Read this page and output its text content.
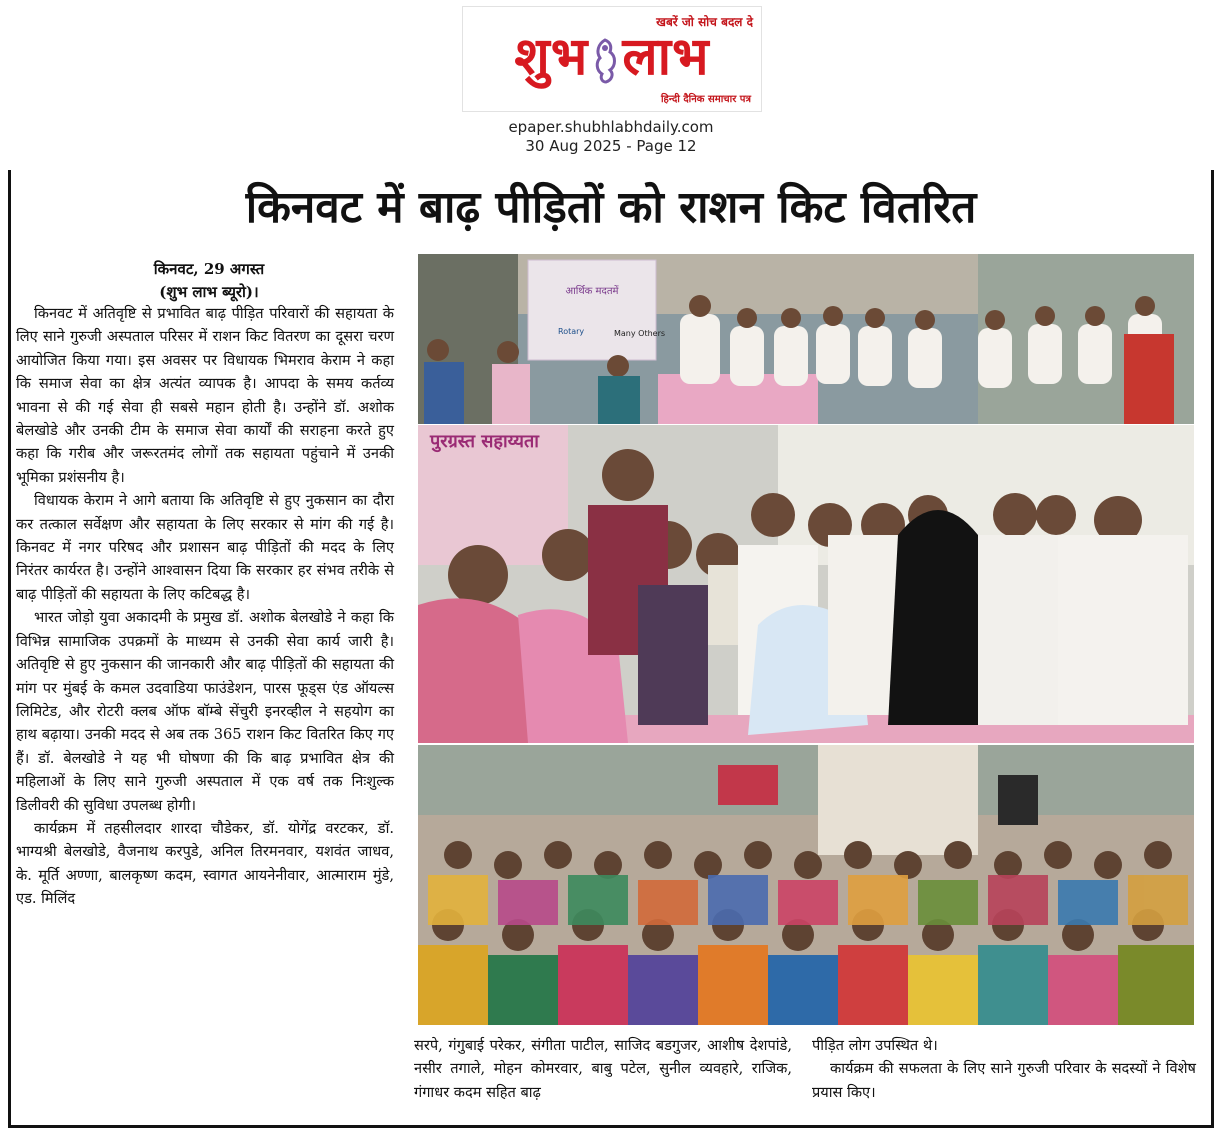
खबरें जो सोच बदल दे
शुभ लाभ
हिन्दी दैनिक समाचार पत्र
epaper.shubhlabhdaily.com
30 Aug 2025 - Page 12
किनवट में बाढ़ पीड़ितों को राशन किट वितरित
किनवट, 29 अगस्त
(शुभ लाभ ब्यूरो)।

किनवट में अतिवृष्टि से प्रभावित बाढ़ पीड़ित परिवारों की सहायता के लिए साने गुरुजी अस्पताल परिसर में राशन किट वितरण का दूसरा चरण आयोजित किया गया। इस अवसर पर विधायक भिमराव केराम ने कहा कि समाज सेवा का क्षेत्र अत्यंत व्यापक है। आपदा के समय कर्तव्य भावना से की गई सेवा ही सबसे महान होती है। उन्होंने डॉ. अशोक बेलखोडे और उनकी टीम के समाज सेवा कार्यों की सराहना करते हुए कहा कि गरीब और जरूरतमंद लोगों तक सहायता पहुंचाने में उनकी भूमिका प्रशंसनीय है।

विधायक केराम ने आगे बताया कि अतिवृष्टि से हुए नुकसान का दौरा कर तत्काल सर्वेक्षण और सहायता के लिए सरकार से मांग की गई है। किनवट में नगर परिषद और प्रशासन बाढ़ पीड़ितों की मदद के लिए निरंतर कार्यरत है। उन्होंने आश्वासन दिया कि सरकार हर संभव तरीके से बाढ़ पीड़ितों की सहायता के लिए कटिबद्ध है।

भारत जोड़ो युवा अकादमी के प्रमुख डॉ. अशोक बेलखोडे ने कहा कि विभिन्न सामाजिक उपक्रमों के माध्यम से उनकी सेवा कार्य जारी है। अतिवृष्टि से हुए नुकसान की जानकारी और बाढ़ पीड़ितों की सहायता की मांग पर मुंबई के कमल उदवाडिया फाउंडेशन, पारस फूड्स एंड ऑयल्स लिमिटेड, और रोटरी क्लब ऑफ बॉम्बे सेंचुरी इनरव्हील ने सहयोग का हाथ बढ़ाया। उनकी मदद से अब तक 365 राशन किट वितरित किए गए हैं। डॉ. बेलखोडे ने यह भी घोषणा की कि बाढ़ प्रभावित क्षेत्र की महिलाओं के लिए साने गुरुजी अस्पताल में एक वर्ष तक निःशुल्क डिलीवरी की सुविधा उपलब्ध होगी।

कार्यक्रम में तहसीलदार शारदा चौडेकर, डॉ. योगेंद्र वरटकर, डॉ. भाग्यश्री बेलखोडे, वैजनाथ करपुडे, अनिल तिरमनवार, यशवंत जाधव, के. मूर्ति अण्णा, बालकृष्ण कदम, स्वागत आयनेनीवार, आत्माराम मुंडे, एड. मिलिंद

आर्थिक मदतमें
Rotary	Many Others
पुरग्रस्त सहाय्यता

सरपे, गंगुबाई परेकर, संगीता पाटील, साजिद बडगुजर, आशीष देशपांडे, नसीर तगाले, मोहन कोमरवार, बाबु पटेल, सुनील व्यवहारे, राजिक, गंगाधर कदम सहित बाढ़

पीड़ित लोग उपस्थित थे।

कार्यक्रम की सफलता के लिए साने गुरुजी परिवार के सदस्यों ने विशेष प्रयास किए।
